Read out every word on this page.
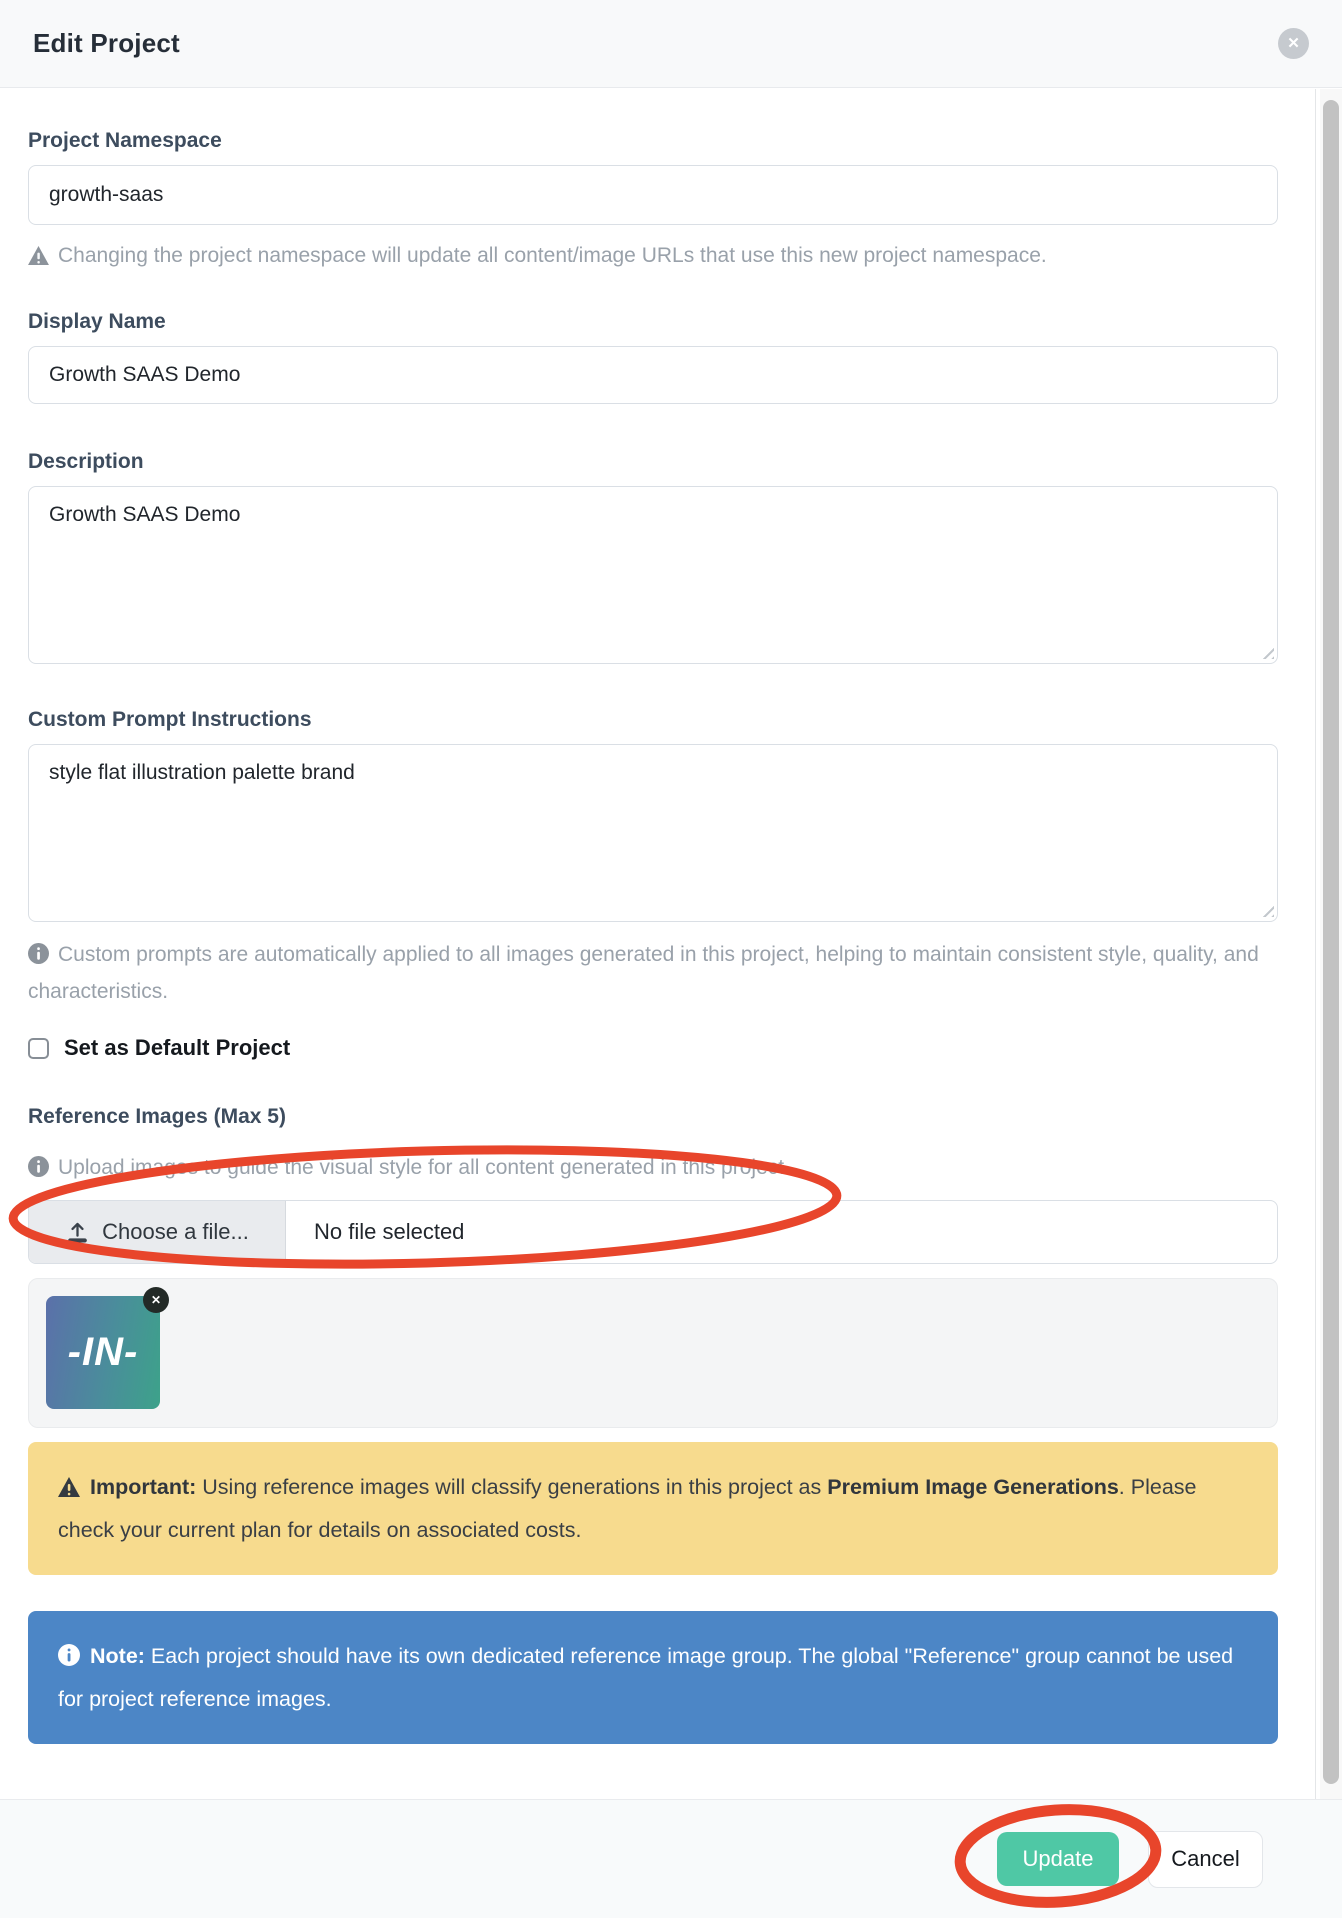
Edit Project	✕
Project Namespace
growth-saas
Changing the project namespace will update all content/image URLs that use this new project namespace.
Display Name
Growth SAAS Demo
Description
Growth SAAS Demo
Custom Prompt Instructions
style flat illustration palette brand
Custom prompts are automatically applied to all images generated in this project, helping to maintain consistent style, quality, and characteristics.
Set as Default Project
Reference Images (Max 5)
Upload images to guide the visual style for all content generated in this project.
Choose a file...	No file selected
-IN-
✕
Important: Using reference images will classify generations in this project as Premium Image Generations. Please check your current plan for details on associated costs.
Note: Each project should have its own dedicated reference image group. The global "Reference" group cannot be used for project reference images.
Update	Cancel
